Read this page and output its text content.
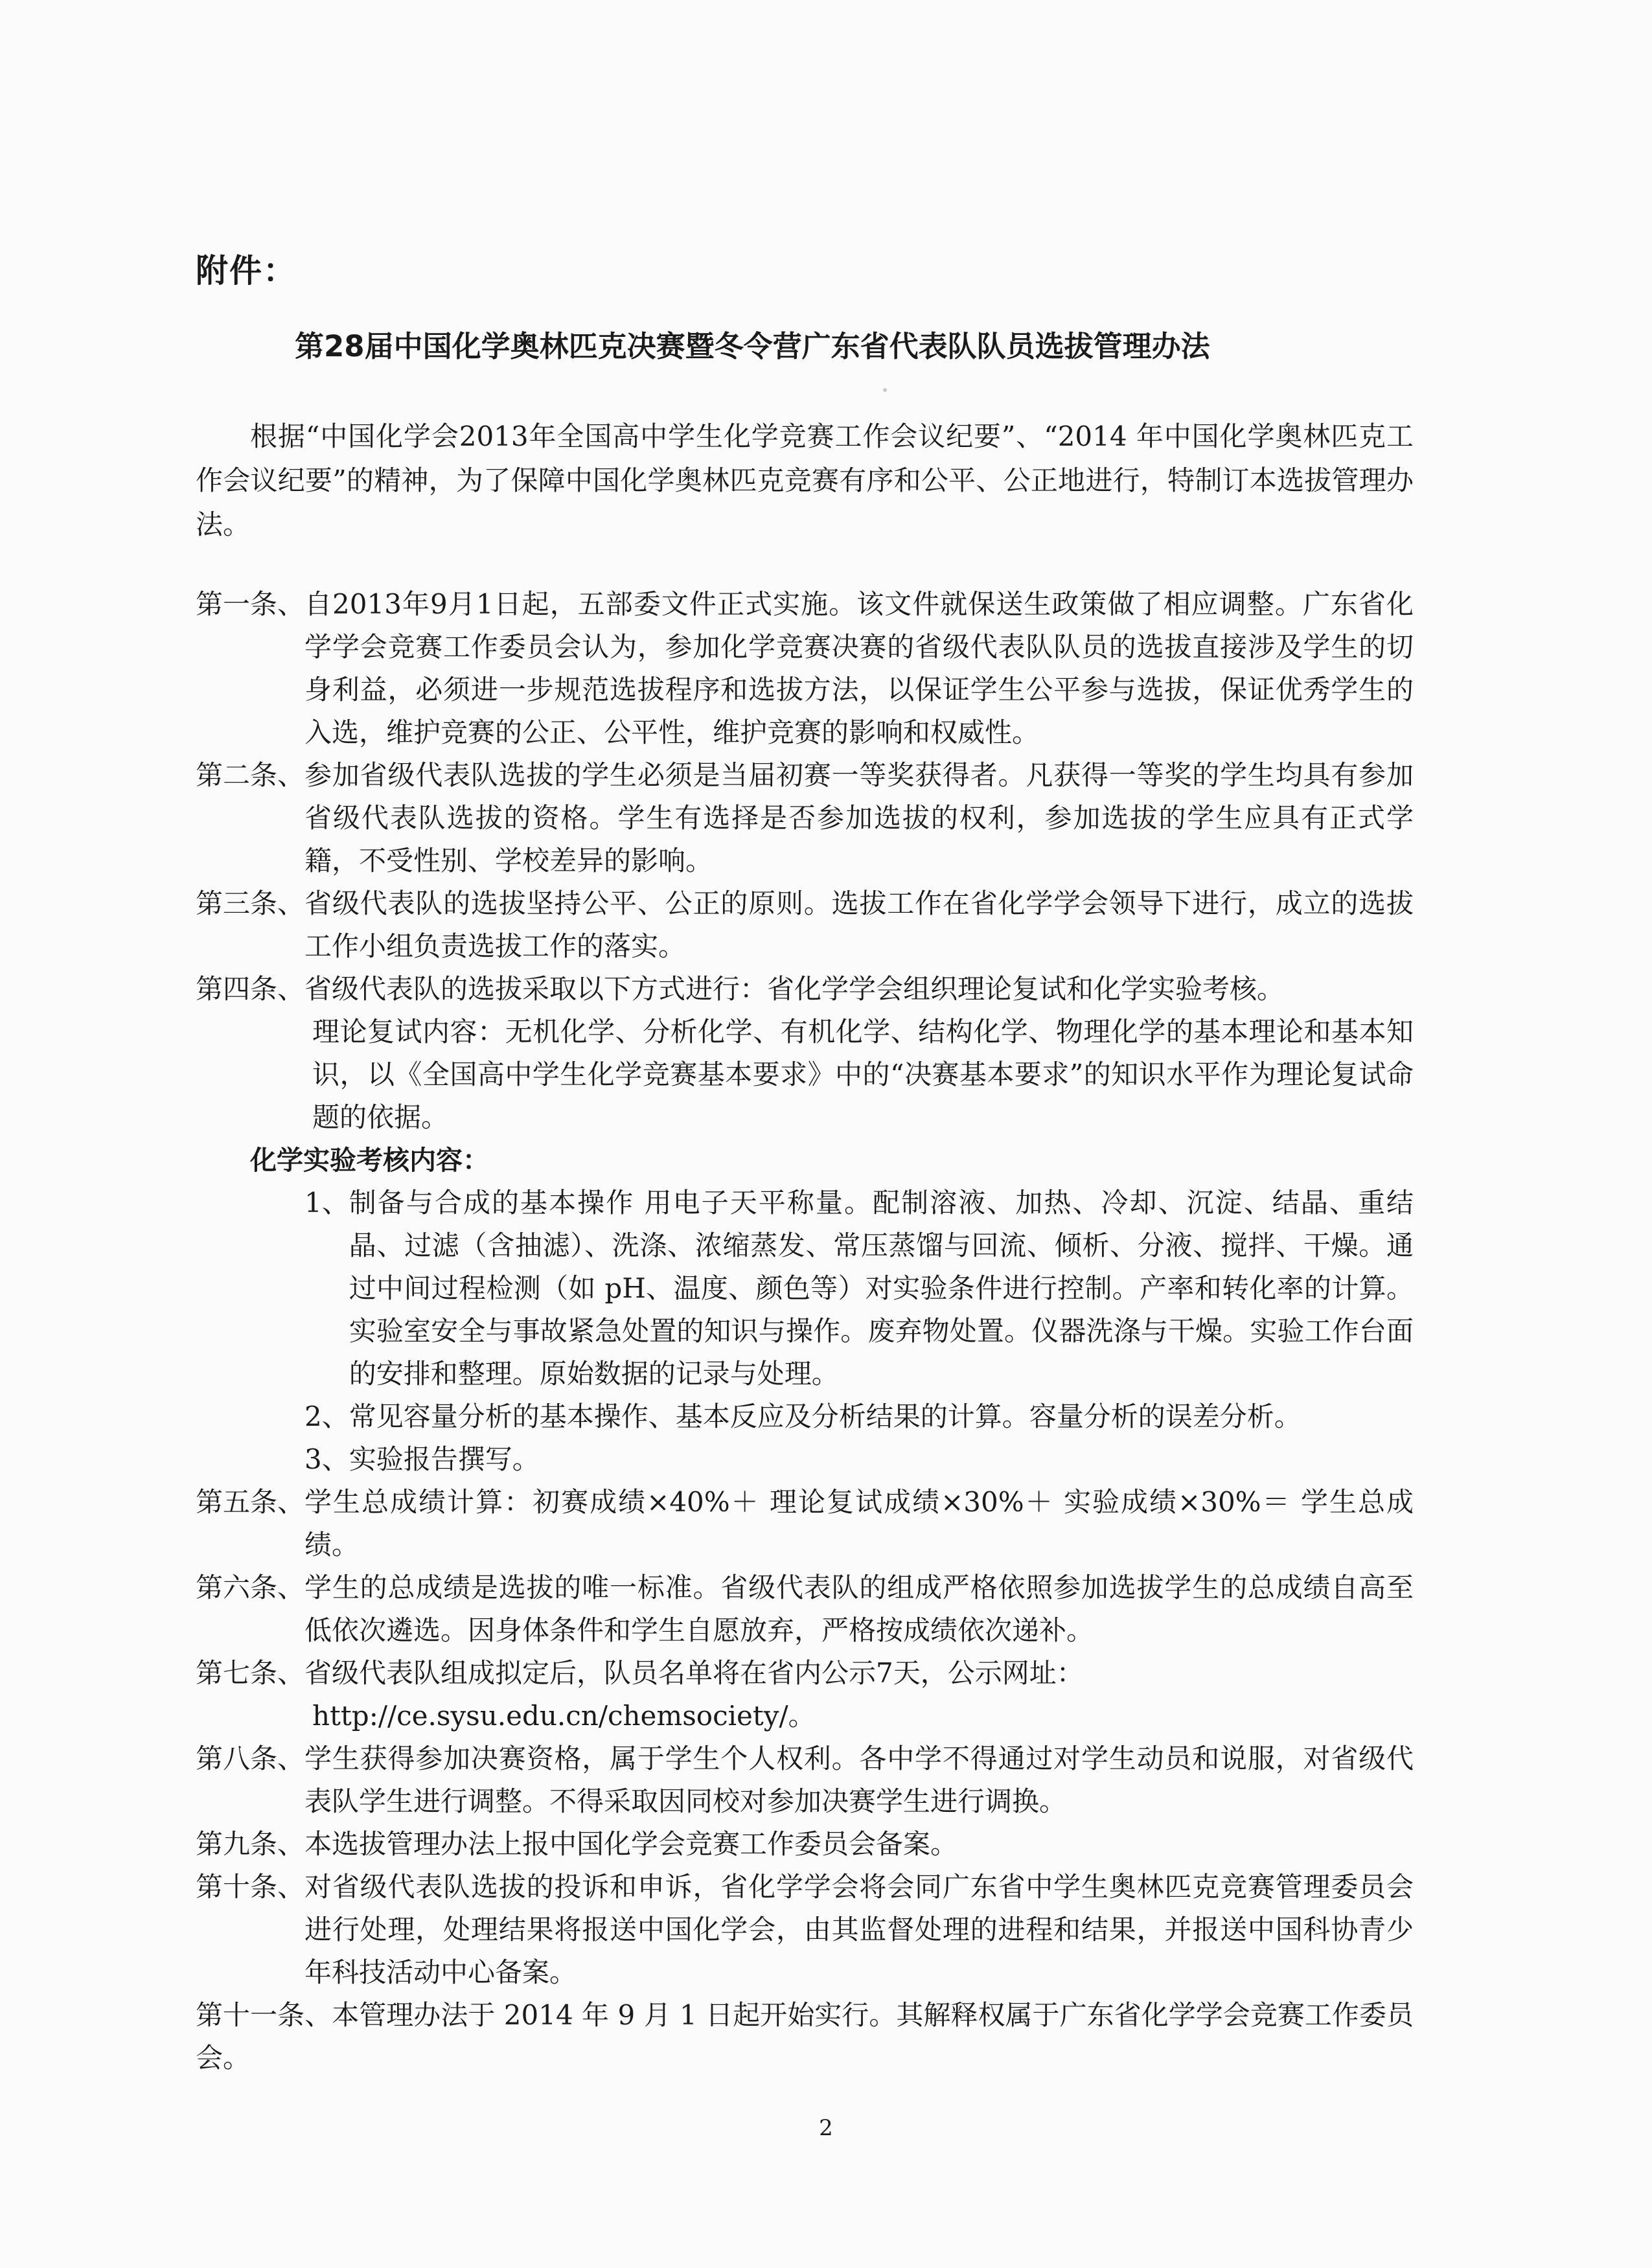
附件：
第28届中国化学奥林匹克决赛暨冬令营广东省代表队队员选拔管理办法
根据“中国化学会2013年全国高中学生化学竞赛工作会议纪要”、“2014 年中国化学奥林匹克工作会议纪要”的精神，为了保障中国化学奥林匹克竞赛有序和公平、公正地进行，特制订本选拔管理办法。
第一条、 自2013年9月1日起，五部委文件正式实施。该文件就保送生政策做了相应调整。广东省化学学会竞赛工作委员会认为，参加化学竞赛决赛的省级代表队队员的选拔直接涉及学生的切身利益，必须进一步规范选拔程序和选拔方法，以保证学生公平参与选拔，保证优秀学生的入选，维护竞赛的公正、公平性，维护竞赛的影响和权威性。
第二条、 参加省级代表队选拔的学生必须是当届初赛一等奖获得者。凡获得一等奖的学生均具有参加省级代表队选拔的资格。学生有选择是否参加选拔的权利，参加选拔的学生应具有正式学籍，不受性别、学校差异的影响。
第三条、 省级代表队的选拔坚持公平、公正的原则。选拔工作在省化学学会领导下进行，成立的选拔工作小组负责选拔工作的落实。
第四条、 省级代表队的选拔采取以下方式进行：省化学学会组织理论复试和化学实验考核。
理论复试内容：无机化学、分析化学、有机化学、结构化学、物理化学的基本理论和基本知识，以《全国高中学生化学竞赛基本要求》中的“决赛基本要求”的知识水平作为理论复试命题的依据。
化学实验考核内容：
1、 制备与合成的基本操作 用电子天平称量。配制溶液、加热、冷却、沉淀、结晶、重结晶、过滤（含抽滤）、洗涤、浓缩蒸发、常压蒸馏与回流、倾析、分液、搅拌、干燥。通过中间过程检测（如 pH、温度、颜色等）对实验条件进行控制。产率和转化率的计算。实验室安全与事故紧急处置的知识与操作。废弃物处置。仪器洗涤与干燥。实验工作台面的安排和整理。原始数据的记录与处理。
2、 常见容量分析的基本操作、基本反应及分析结果的计算。容量分析的误差分析。
3、 实验报告撰写。
第五条、 学生总成绩计算：初赛成绩×40%＋ 理论复试成绩×30%＋ 实验成绩×30%＝ 学生总成绩。
第六条、 学生的总成绩是选拔的唯一标准。省级代表队的组成严格依照参加选拔学生的总成绩自高至低依次遴选。因身体条件和学生自愿放弃，严格按成绩依次递补。
第七条、 省级代表队组成拟定后，队员名单将在省内公示7天，公示网址：
http://ce.sysu.edu.cn/chemsociety/。
第八条、 学生获得参加决赛资格，属于学生个人权利。各中学不得通过对学生动员和说服，对省级代表队学生进行调整。不得采取因同校对参加决赛学生进行调换。
第九条、 本选拔管理办法上报中国化学会竞赛工作委员会备案。
第十条、 对省级代表队选拔的投诉和申诉，省化学学会将会同广东省中学生奥林匹克竞赛管理委员会进行处理，处理结果将报送中国化学会，由其监督处理的进程和结果，并报送中国科协青少年科技活动中心备案。
第十一条、本管理办法于 2014 年 9 月 1 日起开始实行。其解释权属于广东省化学学会竞赛工作委员会。
2
